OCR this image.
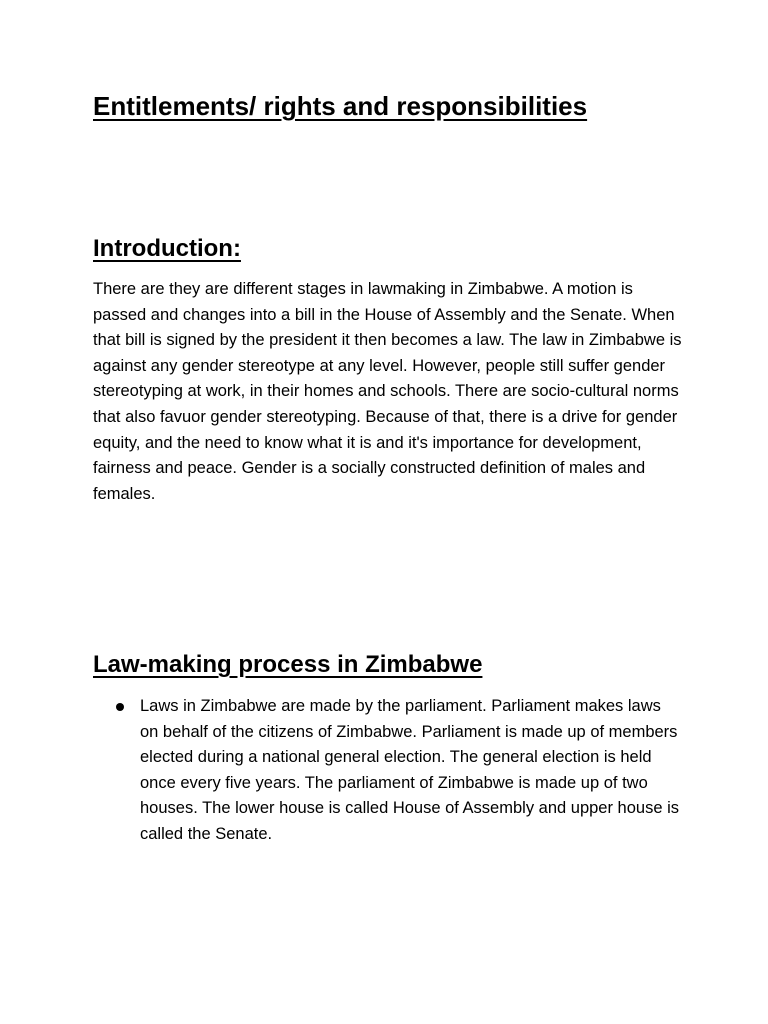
Entitlements/ rights and responsibilities
Introduction:

There are they are different stages in lawmaking in Zimbabwe. A motion is passed and changes into a bill in the House of Assembly and the Senate. When that bill is signed by the president it then becomes a law. The law in Zimbabwe is against any gender stereotype at any level. However, people still suffer gender stereotyping at work, in their homes and schools. There are socio-cultural norms that also favuor gender stereotyping. Because of that, there is a drive for gender equity, and the need to know what it is and it's importance for development, fairness and peace. Gender is a socially constructed definition of males and females.

Law-making process in Zimbabwe
Laws in Zimbabwe are made by the parliament. Parliament makes laws on behalf of the citizens of Zimbabwe. Parliament is made up of members elected during a national general election. The general election is held once every five years. The parliament of Zimbabwe is made up of two houses. The lower house is called House of Assembly and upper house is called the Senate.
